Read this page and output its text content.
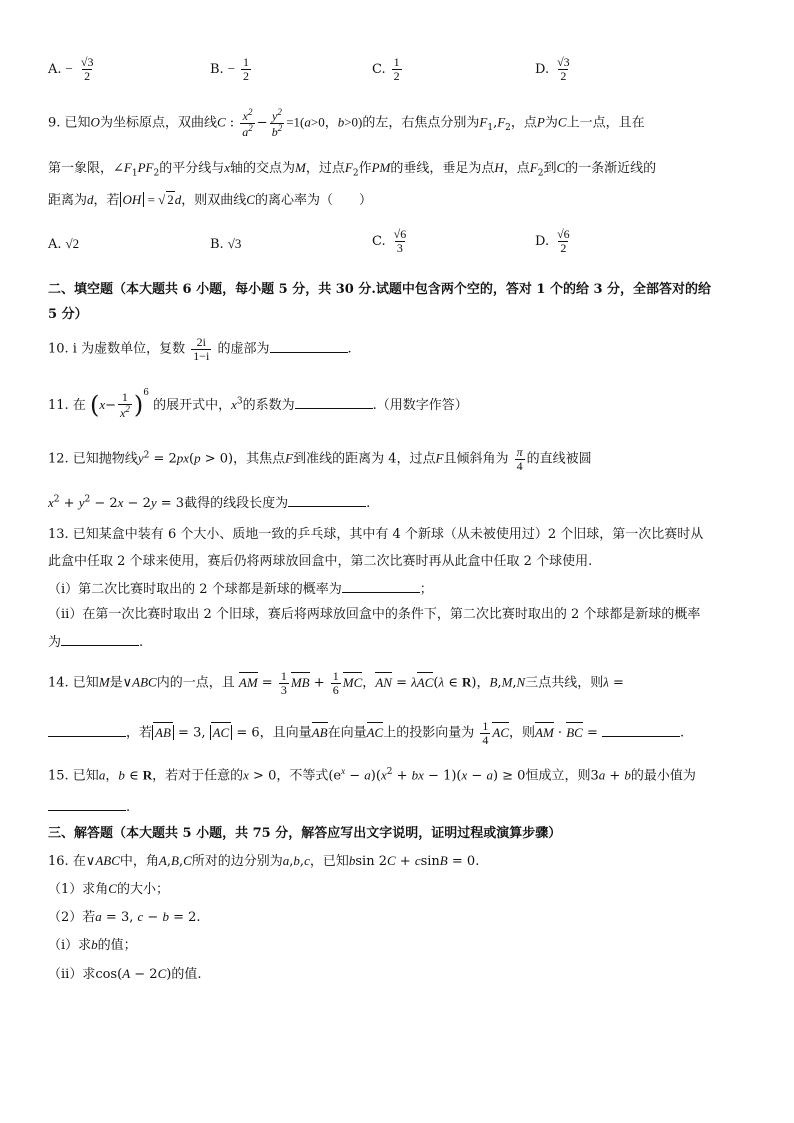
A. − $\frac{√3}{2}$	B. − $\frac{1}{2}$	C. $\frac{1}{2}$	D. $\frac{√3}{2}$
9. 已知O为坐标原点，双曲线C : $\frac{x^2}{a^2} - \frac{y^2}{b^2} =1(a>0$，b>0)的左，右焦点分别为$F_1,F_2$，点P为C上一点，且在
第一象限，$\angle F_1PF_2$的平分线与x轴的交点为M，过点$F_2$作PM的垂线，垂足为点H，点$F_2$到C的一条渐近线的
距离为d，若 OH = √ 2d，则双曲线C的离心率为（　　）
A. √2	B. √3	C. $\frac{√6}{3}$	D. $\frac{√6}{2}$
二、填空题（本大题共 6 小题，每小题 5 分，共 30 分.试题中包含两个空的，答对 1 个的给 3 分，全部答对的给
5 分）
10. i 为虚数单位，复数 $\frac{2i}{1-i}$ 的虚部为	.
11. 在 $(x- \frac{1}{x^2} )^6$ 的展开式中，$x^3$的系数为	.（用数字作答）
12. 已知抛物线$y^2 = 2px(p > 0)$，其焦点F到准线的距离为 4，过点F且倾斜角为 $\frac{\pi}{4}$ 的直线被圆
$x^2 + y^2 - 2x - 2y = 3$截得的线段长度为	.
13. 已知某盒中装有 6 个大小、质地一致的乒乓球，其中有 4 个新球（从未被使用过）2 个旧球，第一次比赛时从
此盒中任取 2 个球来使用，赛后仍将两球放回盒中，第二次比赛时再从此盒中任取 2 个球使用.
（i）第二次比赛时取出的 2 个球都是新球的概率为	；
（ii）在第一次比赛时取出 2 个旧球，赛后将两球放回盒中的条件下，第二次比赛时取出的 2 个球都是新球的概率
为	.
14. 已知M是∨ABC内的一点，且 AM = $\frac{1}{3}$ MB + $\frac{1}{6}$ MC，AN = λAC(λ ∈ R)，B,M,N三点共线，则λ =
，若 AB = 3, AC = 6，且向量AB在向量AC上的投影向量为 $\frac{1}{4}$ AC，则AM · BC =	.
15. 已知a，b ∈ R，若对于任意的x > 0，不等式$(e^x - a)(x^2$ + bx − 1)(x − a) ≥ 0恒成立，则3a + b的最小值为
.
三、解答题（本大题共 5 小题，共 75 分，解答应写出文字说明，证明过程或演算步骤）
16. 在∨ABC中，角A,B,C所对的边分别为a,b,c，已知bsin 2C + csinB = 0.
（1）求角C的大小；
（2）若a = 3, c − b = 2.
（i）求b的值；
（ii）求cos(A − 2C)的值.
